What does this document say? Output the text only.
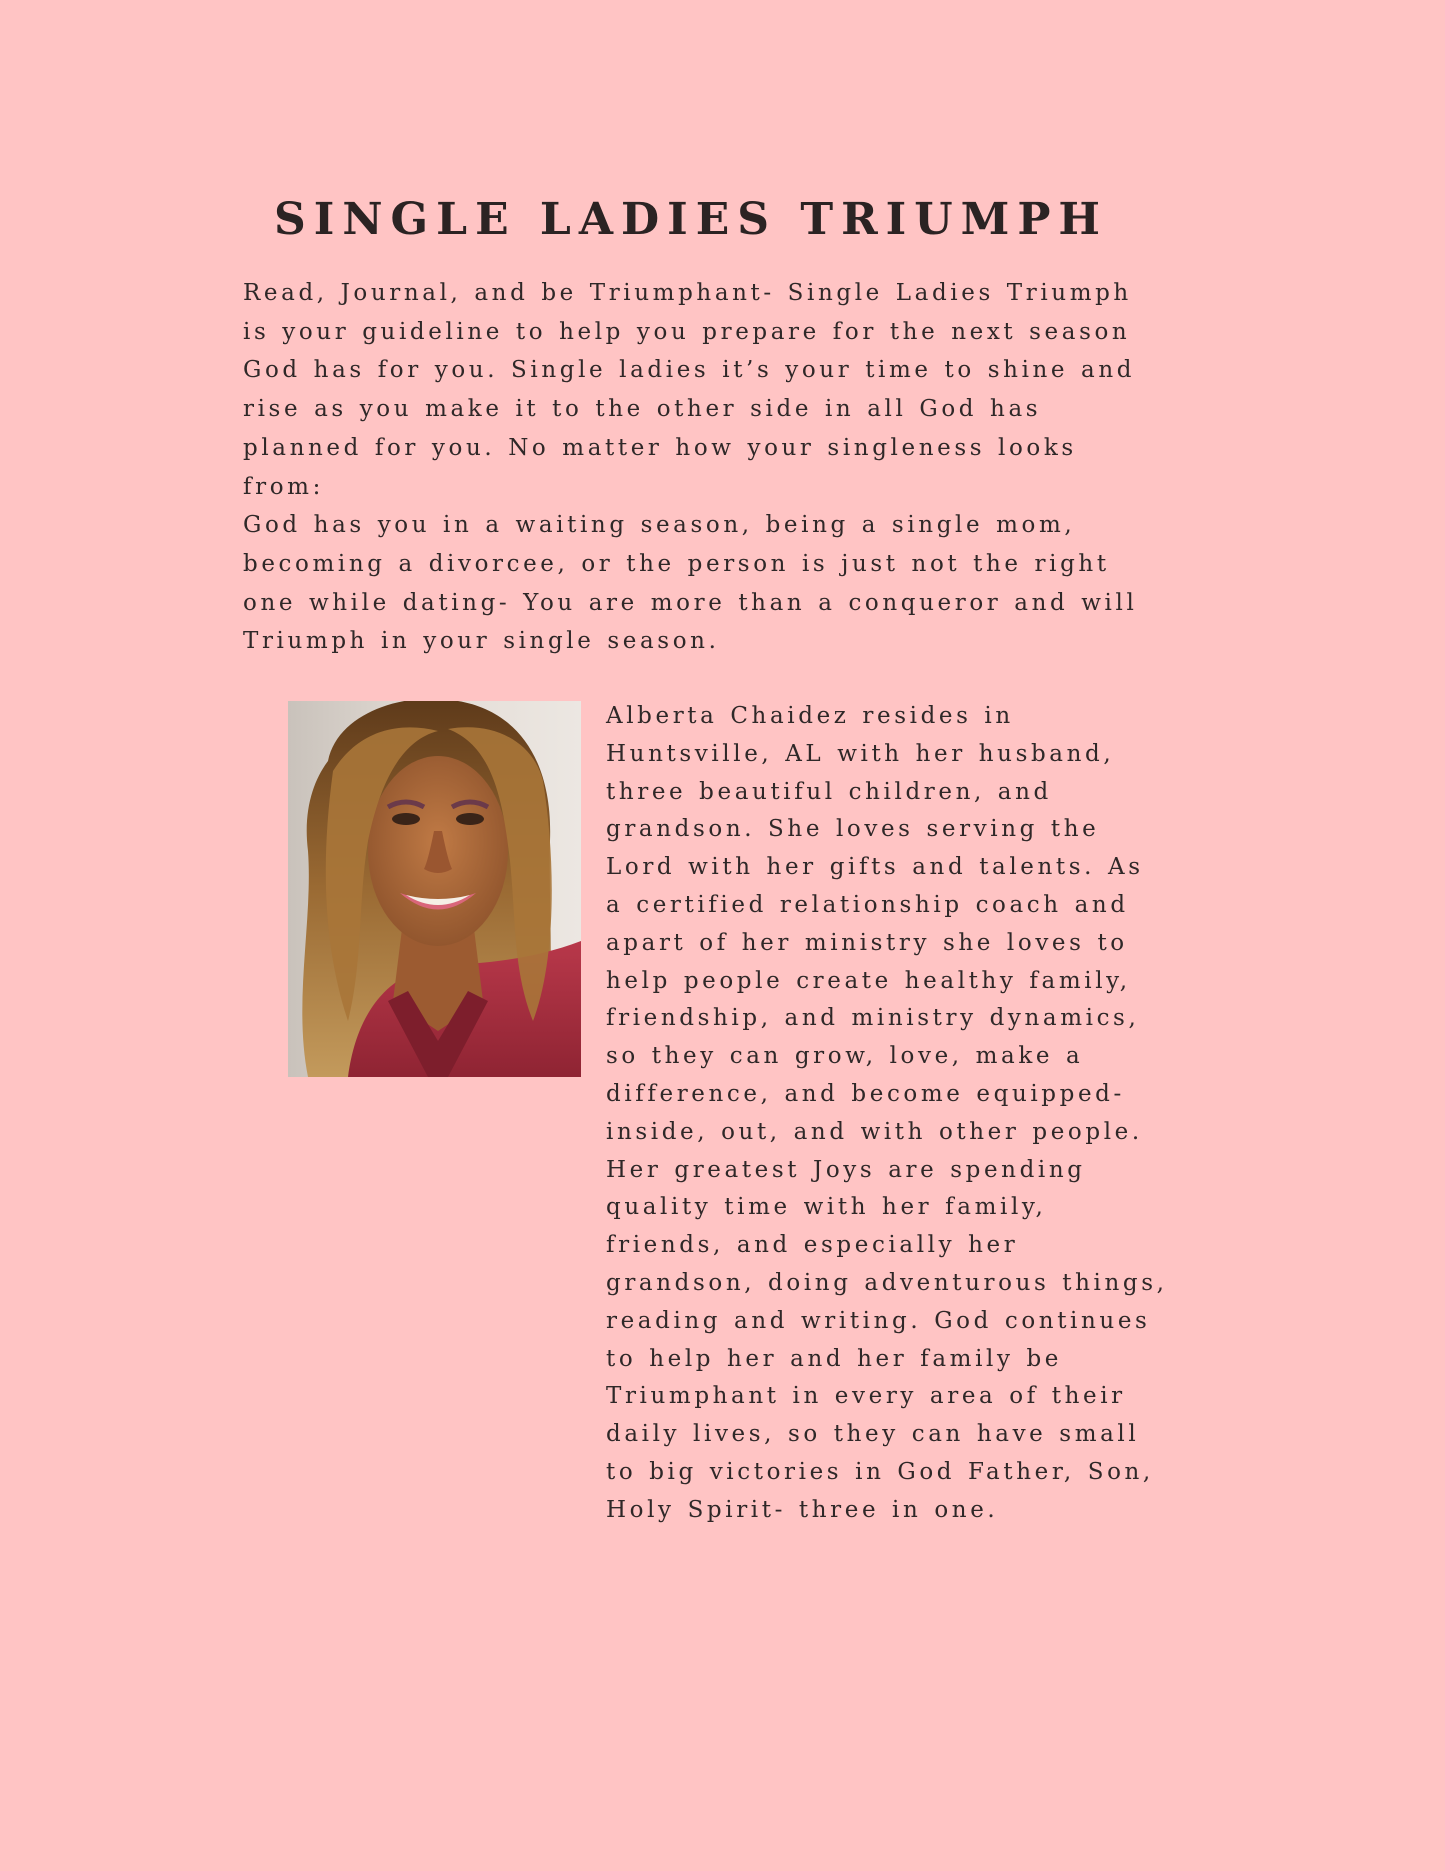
SINGLE LADIES TRIUMPH

Read, Journal, and be Triumphant- Single Ladies Triumph
is your guideline to help you prepare for the next season
God has for you. Single ladies it’s your time to shine and
rise as you make it to the other side in all God has
planned for you. No matter how your singleness looks from:
God has you in a waiting season, being a single mom,
becoming a divorcee, or the person is just not the right
one while dating- You are more than a conqueror and will
Triumph in your single season.

Alberta Chaidez resides in
Huntsville, AL with her husband,
three beautiful children, and
grandson. She loves serving the
Lord with her gifts and talents. As
a certified relationship coach and
apart of her ministry she loves to
help people create healthy family,
friendship, and ministry dynamics,
so they can grow, love, make a
difference, and become equipped-
inside, out, and with other people.
Her greatest Joys are spending
quality time with her family,
friends, and especially her
grandson, doing adventurous things,
reading and writing. God continues
to help her and her family be
Triumphant in every area of their
daily lives, so they can have small
to big victories in God Father, Son,
Holy Spirit- three in one.
